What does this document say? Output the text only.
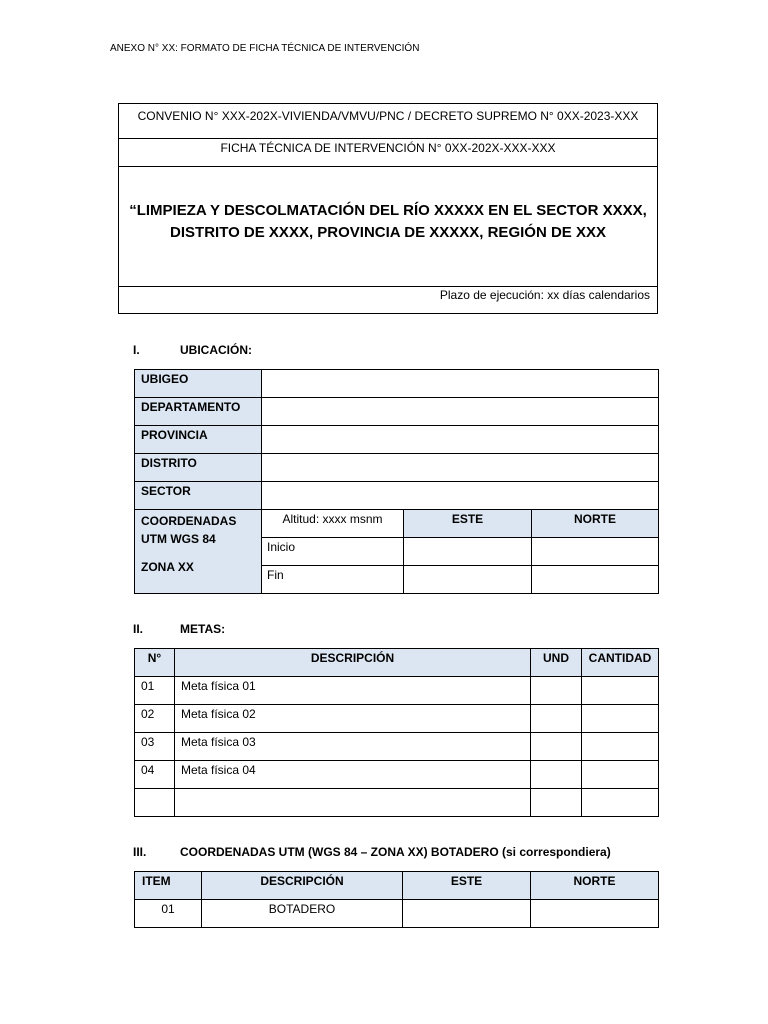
ANEXO N° XX: FORMATO DE FICHA TÉCNICA DE INTERVENCIÓN
CONVENIO N° XXX-202X-VIVIENDA/VMVU/PNC / DECRETO SUPREMO N° 0XX-2023-XXX
FICHA TÉCNICA DE INTERVENCIÓN N° 0XX-202X-XXX-XXX

“LIMPIEZA Y DESCOLMATACIÓN DEL RÍO XXXXX EN EL SECTOR XXXX,
DISTRITO DE XXXX, PROVINCIA DE XXXXX, REGIÓN DE XXX

Plazo de ejecución: xx días calendarios
I.	UBICACIÓN:
UBIGEO			
DEPARTAMENTO			
PROVINCIA			
DISTRITO			
SECTOR			

COORDENADAS
UTM WGS 84
ZONA XX	Altitud: xxxx msnm	ESTE	NORTE
	Inicio		
	Fin		
II.	METAS:
N°	DESCRIPCIÓN	UND	CANTIDAD
01	Meta física 01		
02	Meta física 02		
03	Meta física 03		
04	Meta física 04		

III.	COORDENADAS UTM (WGS 84 – ZONA XX) BOTADERO (si correspondiera)
ITEM	DESCRIPCIÓN	ESTE	NORTE
01	BOTADERO		
